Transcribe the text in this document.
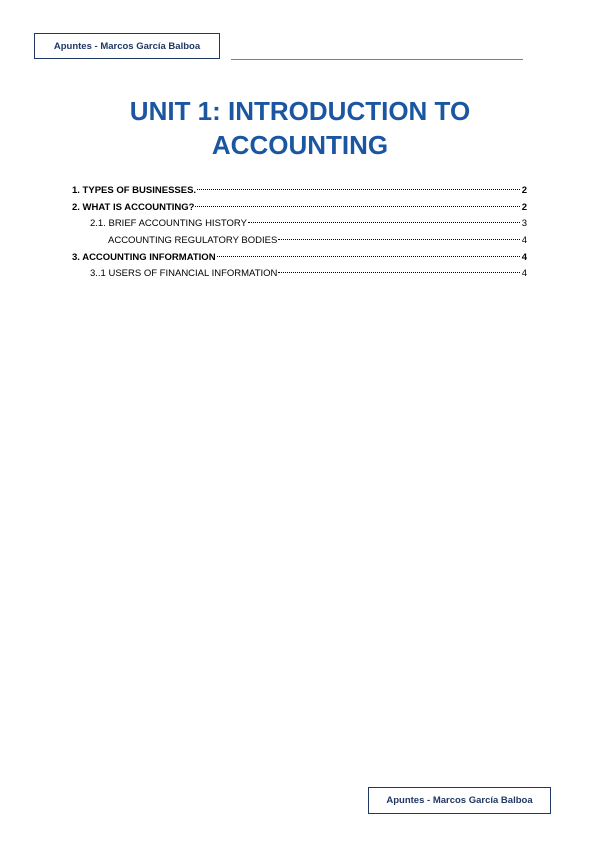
Apuntes - Marcos García Balboa
UNIT 1: INTRODUCTION TO
ACCOUNTING
1. TYPES OF BUSINESSES.	2
2. WHAT IS ACCOUNTING?	2
2.1. BRIEF ACCOUNTING HISTORY	3
ACCOUNTING REGULATORY BODIES	4
3. ACCOUNTING INFORMATION	4
3..1 USERS OF FINANCIAL INFORMATION	4
Apuntes - Marcos García Balboa
